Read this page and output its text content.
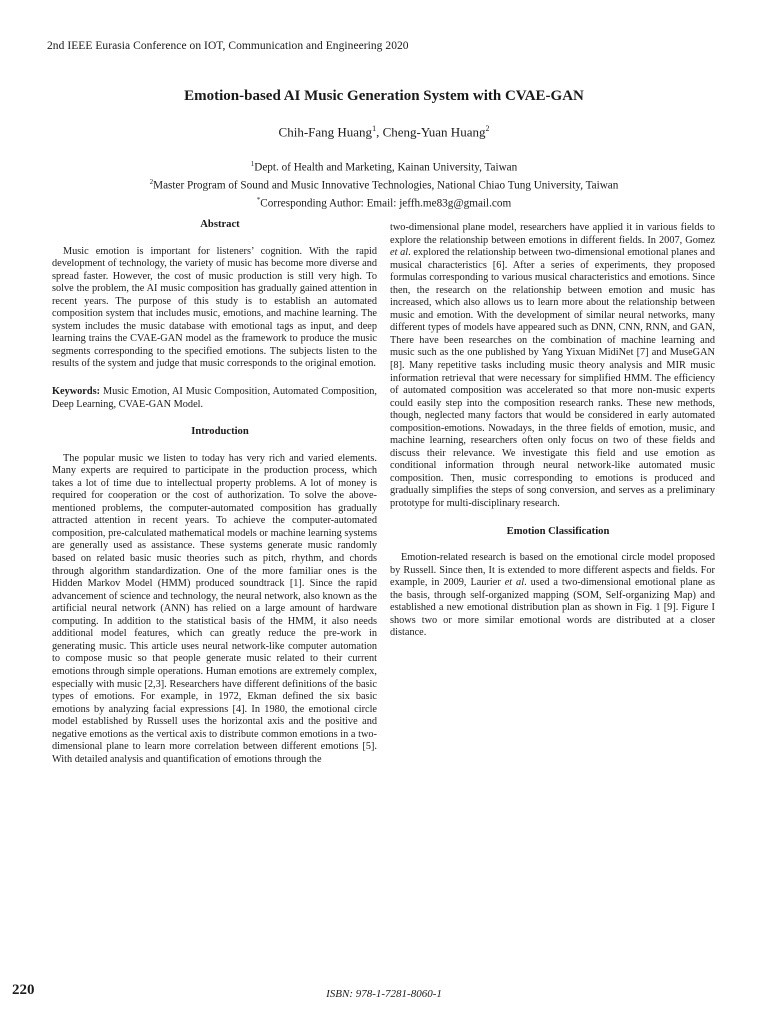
2nd IEEE Eurasia Conference on IOT, Communication and Engineering 2020
Emotion-based AI Music Generation System with CVAE-GAN
Chih-Fang Huang$^1$, Cheng-Yuan Huang$^2$
$^1$Dept. of Health and Marketing, Kainan University, Taiwan
$^2$Master Program of Sound and Music Innovative Technologies, National Chiao Tung University, Taiwan
*Corresponding Author: Email: jeffh.me83g@gmail.com

Abstract

Music emotion is important for listeners’ cognition. With the rapid development of technology, the variety of music has become more diverse and spread faster. However, the cost of music production is still very high. To solve the problem, the AI music composition has gradually gained attention in recent years. The purpose of this study is to establish an automated composition system that includes music, emotions, and machine learning. The system includes the music database with emotional tags as input, and deep learning trains the CVAE-GAN model as the framework to produce the music segments corresponding to the specified emotions. The subjects listen to the results of the system and judge that music corresponds to the original emotion.

Keywords: Music Emotion, AI Music Composition, Automated Composition, Deep Learning, CVAE-GAN Model.

Introduction

The popular music we listen to today has very rich and varied elements. Many experts are required to participate in the production process, which takes a lot of time due to intellectual property problems. A lot of money is required for cooperation or the cost of authorization. To solve the above-mentioned problems, the computer-automated composition has gradually attracted attention in recent years. To achieve the computer-automated composition, pre-calculated mathematical models or machine learning systems are generally used as assistance. These systems generate music randomly based on related basic music theories such as pitch, rhythm, and chords through algorithm standardization. One of the more familiar ones is the Hidden Markov Model (HMM) produced soundtrack [1]. Since the rapid advancement of science and technology, the neural network, also known as the artificial neural network (ANN) has relied on a large amount of hardware computing. In addition to the statistical basis of the HMM, it also needs additional model features, which can greatly reduce the pre-work in generating music. This article uses neural network-like computer automation to compose music so that people generate music related to their current emotions through simple operations. Human emotions are extremely complex, especially with music [2,3]. Researchers have different definitions of the basic types of emotions. For example, in 1972, Ekman defined the six basic emotions by analyzing facial expressions [4]. In 1980, the emotional circle model established by Russell uses the horizontal axis and the positive and negative emotions as the vertical axis to distribute common emotions in a two-dimensional plane to learn more correlation between different emotions [5]. With detailed analysis and quantification of emotions through the

two-dimensional plane model, researchers have applied it in various fields to explore the relationship between emotions in different fields. In 2007, Gomez et al. explored the relationship between two-dimensional emotional planes and musical characteristics [6]. After a series of experiments, they proposed formulas corresponding to various musical characteristics and emotions. Since then, the research on the relationship between emotion and music has increased, which also allows us to learn more about the relationship between music and emotion. With the development of similar neural networks, many different types of models have appeared such as DNN, CNN, RNN, and GAN, There have been researches on the combination of machine learning and music such as the one published by Yang Yixuan MidiNet [7] and MuseGAN [8]. Many repetitive tasks including music theory analysis and MIR music information retrieval that were necessary for simplified HMM. The efficiency of automated composition was accelerated so that more non-music experts could easily step into the composition research ranks. These new methods, though, neglected many factors that would be considered in early automated composition-emotions. Nowadays, in the three fields of emotion, music, and machine learning, researchers often only focus on two of these fields and discuss their relevance. We investigate this field and use emotion as conditional information through neural network-like automated music composition. Then, music corresponding to emotions is produced and gradually simplifies the steps of song conversion, and serves as a preliminary prototype for multi-disciplinary research.

Emotion Classification

Emotion-related research is based on the emotional circle model proposed by Russell. Since then, It is extended to more different aspects and fields. For example, in 2009, Laurier et al. used a two-dimensional emotional plane as the basis, through self-organized mapping (SOM, Self-organizing Map) and established a new emotional distribution plan as shown in Fig. 1 [9]. Figure I shows two or more similar emotional words are distributed at a closer distance.

220	ISBN: 978-1-7281-8060-1
